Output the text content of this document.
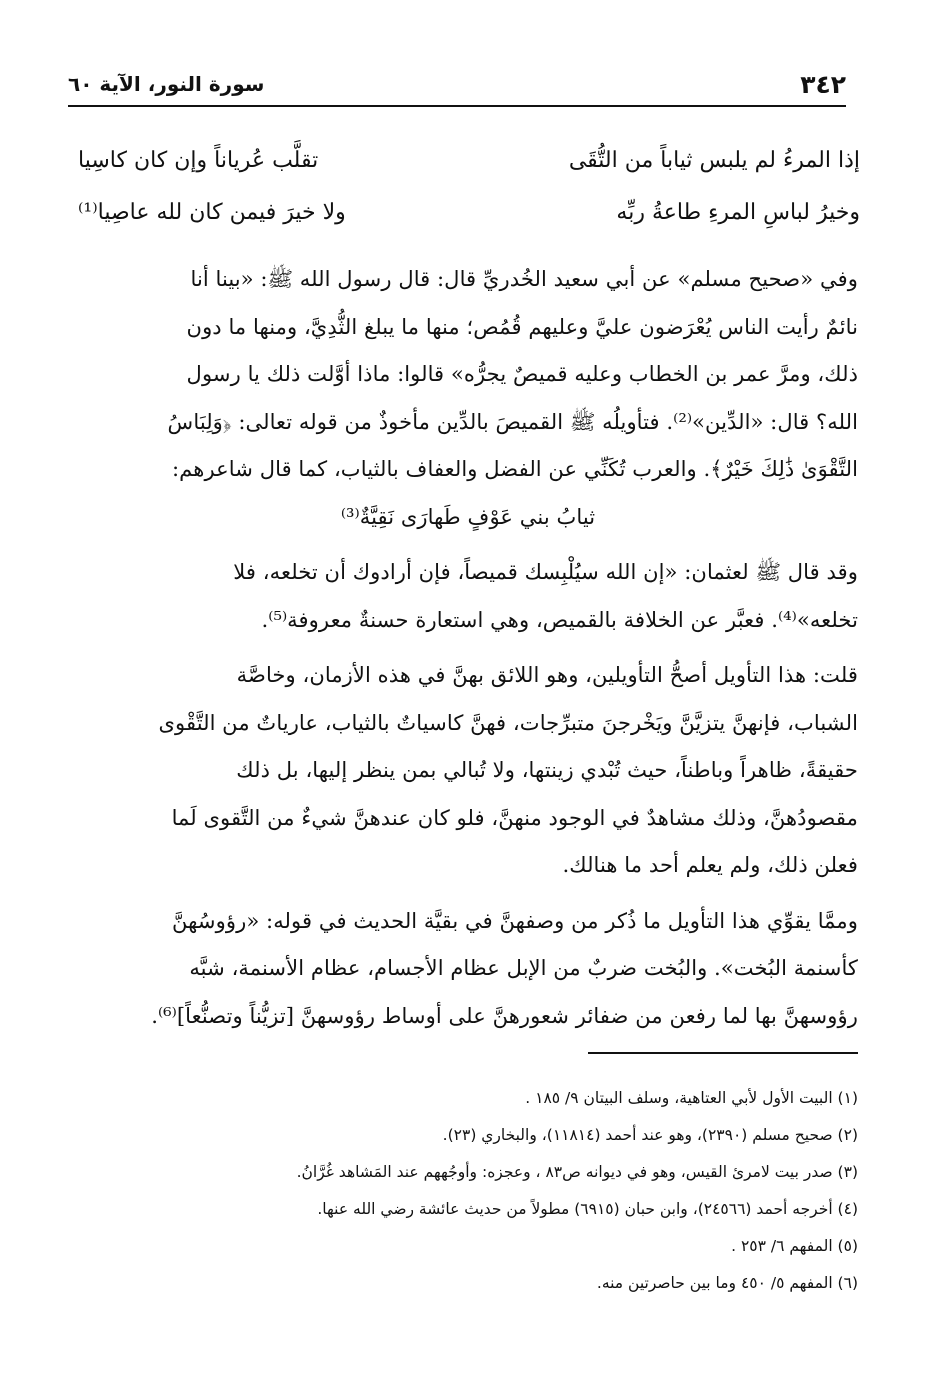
٣٤٢
سورة النور، الآية ٦٠
إذا المرءُ لم يلبس ثياباً من التُّقَى
تقلَّب عُرياناً وإن كان كاسِيا
وخيرُ لباسِ المرءِ طاعةُ ربِّه
ولا خيرَ فيمن كان لله عاصِيا⁽¹⁾

وفي «صحيح مسلم» عن أبي سعيد الخُدريِّ قال: قال رسول الله ﷺ: «بينا أنا

نائمٌ رأيت الناس يُعْرَضون عليَّ وعليهم قُمُص؛ منها ما يبلغ الثُّدِيَّ، ومنها ما دون

ذلك، ومرَّ عمر بن الخطاب وعليه قميصٌ يجرُّه» قالوا: ماذا أوَّلت ذلك يا رسول

الله؟ قال: «الدِّين»⁽²⁾. فتأويلُه ﷺ القميصَ بالدِّين مأخوذٌ من قوله تعالى: ﴿وَلِبَاسُ

التَّقْوَىٰ ذَٰلِكَ خَيْرٌ﴾. والعرب تُكَنِّي عن الفضل والعفاف بالثياب، كما قال شاعرهم:

ثيابُ بني عَوْفٍ طَهارَى نَقِيَّةٌ⁽³⁾

وقد قال ﷺ لعثمان: «إن الله سيُلْبِسك قميصاً، فإن أرادوك أن تخلعه، فلا

تخلعه»⁽⁴⁾. فعبَّر عن الخلافة بالقميص، وهي استعارة حسنةٌ معروفة⁽⁵⁾.

قلت: هذا التأويل أصحُّ التأويلين، وهو اللائق بهنَّ في هذه الأزمان، وخاصَّة

الشباب، فإنهنَّ يتزيَّنَّ ويَخْرجنَ متبرِّجات، فهنَّ كاسياتٌ بالثياب، عارياتٌ من التَّقْوى

حقيقةً، ظاهراً وباطناً، حيث تُبْدي زينتها، ولا تُبالي بمن ينظر إليها، بل ذلك

مقصودُهنَّ، وذلك مشاهدٌ في الوجود منهنَّ، فلو كان عندهنَّ شيءٌ من التَّقوى لَما

فعلن ذلك، ولم يعلم أحد ما هنالك.

وممَّا يقوِّي هذا التأويل ما ذُكر من وصفهنَّ في بقيَّة الحديث في قوله: «رؤوسُهنَّ

كأسنمة البُخت». والبُخت ضربٌ من الإبل عظام الأجسام، عظام الأسنمة، شبَّه

رؤوسهنَّ بها لما رفعن من ضفائر شعورهنَّ على أوساط رؤوسهنَّ [تزيُّناً وتصنُّعاً]⁽⁶⁾.

(١) البيت الأول لأبي العتاهية، وسلف البيتان ٩/ ١٨٥ .
(٢) صحيح مسلم (٢٣٩٠)، وهو عند أحمد (١١٨١٤)، والبخاري (٢٣).
(٣) صدر بيت لامرئ القيس، وهو في ديوانه ص٨٣ ، وعجزه: وأوجُههم عند المَشاهد غُرَّانُ.
(٤) أخرجه أحمد (٢٤٥٦٦)، وابن حبان (٦٩١٥) مطولاً من حديث عائشة رضي الله عنها.
(٥) المفهم ٦/ ٢٥٣ .
(٦) المفهم ٥/ ٤٥٠ وما بين حاصرتين منه.
